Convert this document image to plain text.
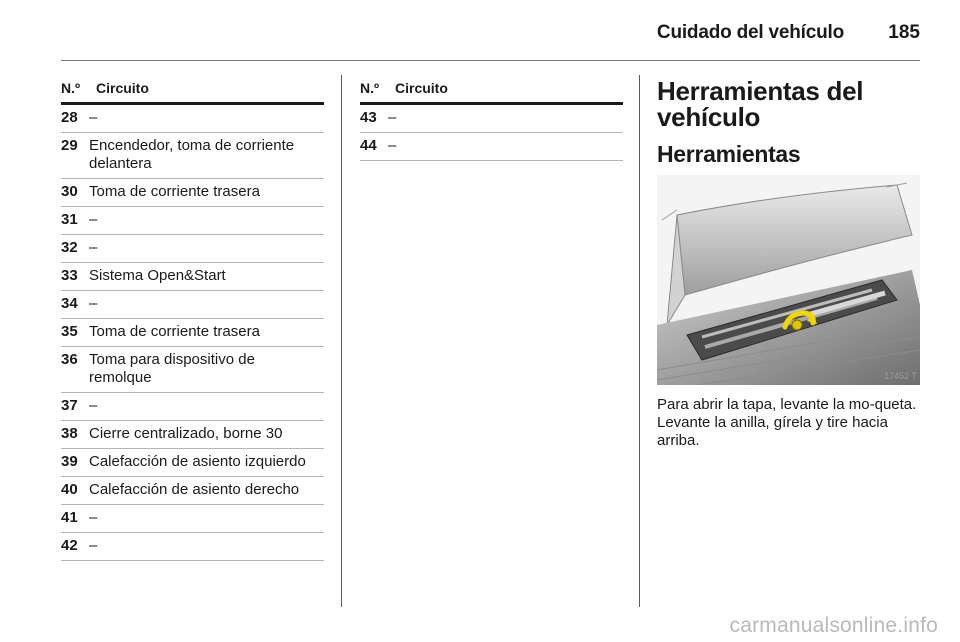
Cuidado del vehículo 185
N.º	Circuito
28 –
29 Encendedor, toma de corriente delantera
30 Toma de corriente trasera
31 –
32 –
33 Sistema Open&Start
34 –
35 Toma de corriente trasera
36 Toma para dispositivo de remolque
37 –
38 Cierre centralizado, borne 30
39 Calefacción de asiento izquierdo
40 Calefacción de asiento derecho
41 –
42 –
N.º	Circuito
43 –
44 –
Herramientas del vehículo
Herramientas
17452 T
Para abrir la tapa, levante la mo-queta. Levante la anilla, gírela y tire hacia arriba.
carmanualsonline.info
